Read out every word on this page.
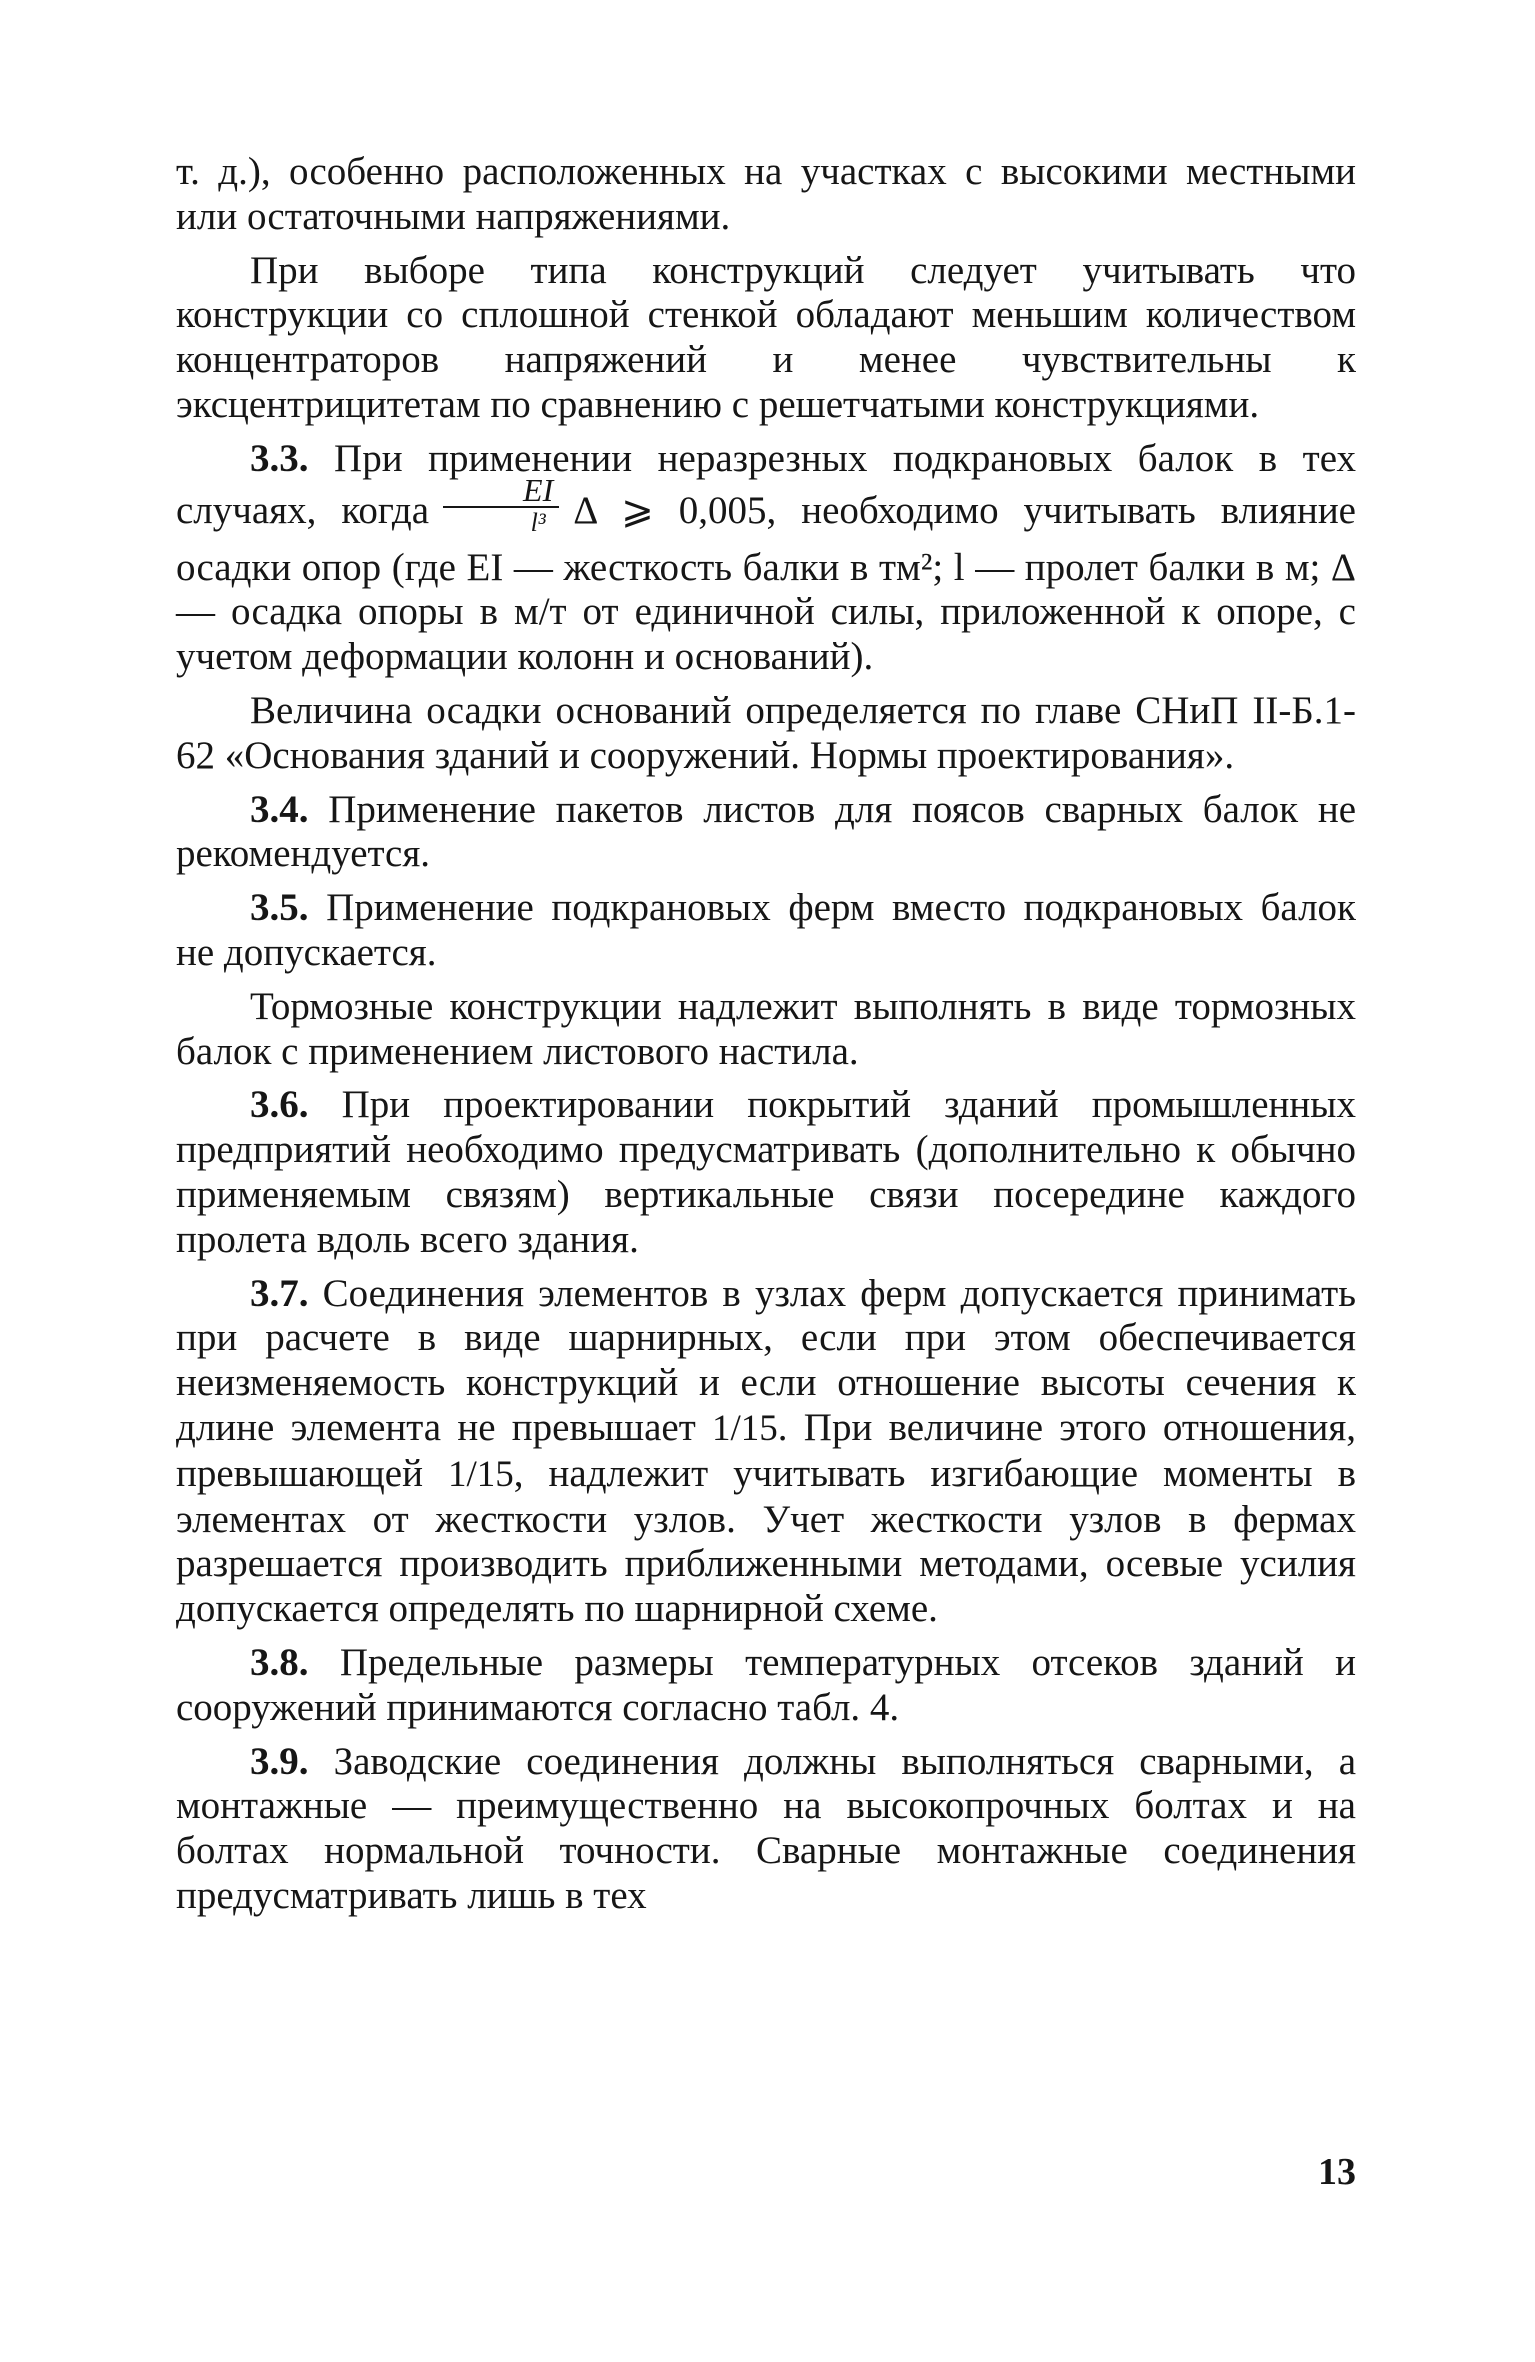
т. д.), особенно расположенных на участках с высокими местными или остаточными напряжениями.

При выборе типа конструкций следует учитывать что конструкции со сплошной стенкой обладают меньшим количеством концентраторов напряжений и менее чувствительны к эксцентрицитетам по сравнению с решетчатыми конструкциями.

3.3. При применении неразрезных подкрановых балок в тех случаях, когда $\frac{EI}{\text{l³}}$ Δ ⩾ 0,005, необходимо учитывать влияние осадки опор (где EI — жесткость балки в тм²; l — пролет балки в м; Δ — осадка опоры в м/т от единичной силы, приложенной к опоре, с учетом деформации колонн и оснований).

Величина осадки оснований определяется по главе СНиП II-Б.1-62 «Основания зданий и сооружений. Нормы проектирования».

3.4. Применение пакетов листов для поясов сварных балок не рекомендуется.

3.5. Применение подкрановых ферм вместо подкрановых балок не допускается.

Тормозные конструкции надлежит выполнять в виде тормозных балок с применением листового настила.

3.6. При проектировании покрытий зданий промышленных предприятий необходимо предусматривать (дополнительно к обычно применяемым связям) вертикальные связи посередине каждого пролета вдоль всего здания.

3.7. Соединения элементов в узлах ферм допускается принимать при расчете в виде шарнирных, если при этом обеспечивается неизменяемость конструкций и если отношение высоты сечения к длине элемента не превышает 1/15. При величине этого отношения, превышающей 1/15, надлежит учитывать изгибающие моменты в элементах от жесткости узлов. Учет жесткости узлов в фермах разрешается производить приближенными методами, осевые усилия допускается определять по шарнирной схеме.

3.8. Предельные размеры температурных отсеков зданий и сооружений принимаются согласно табл. 4.

3.9. Заводские соединения должны выполняться сварными, а монтажные — преимущественно на высокопрочных болтах и на болтах нормальной точности. Сварные монтажные соединения предусматривать лишь в тех

13
